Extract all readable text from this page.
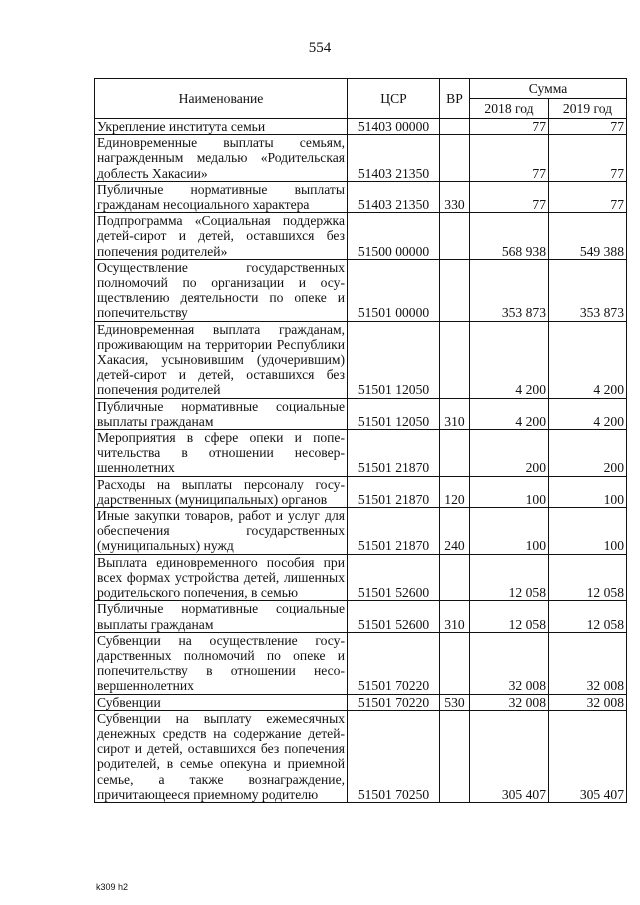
554
Наименование	ЦСР	ВР	Сумма	
			2018 год	2019 год
Укрепление института семьи	51403 00000		77	77
Единовременные выплаты семьям, награжденным медалью «Родительская доблесть Хакасии»	51403 21350		77	77
Публичные нормативные выплаты гражданам несоциального характера	51403 21350	330	77	77
Подпрограмма «Социальная поддержка детей-сирот и детей, оставшихся без попечения родителей»	51500 00000		568 938	549 388
Осуществление государственных полномочий по организации и осуществлению деятельности по опеке и попечительству	51501 00000		353 873	353 873
Единовременная выплата гражданам, проживающим на территории Республики Хакасия, усыновившим (удочерившим) детей-сирот и детей, оставшихся без попечения родителей	51501 12050		4 200	4 200
Публичные нормативные социальные выплаты гражданам	51501 12050	310	4 200	4 200
Мероприятия в сфере опеки и попечительства в отношении несовершеннолетних	51501 21870		200	200
Расходы на выплаты персоналу государственных (муниципальных) органов	51501 21870	120	100	100
Иные закупки товаров, работ и услуг для обеспечения государственных (муниципальных) нужд	51501 21870	240	100	100
Выплата единовременного пособия при всех формах устройства детей, лишенных родительского попечения, в семью	51501 52600		12 058	12 058
Публичные нормативные социальные выплаты гражданам	51501 52600	310	12 058	12 058
Субвенции на осуществление государственных полномочий по опеке и попечительству в отношении несовершеннолетних	51501 70220		32 008	32 008
Субвенции	51501 70220	530	32 008	32 008
Субвенции на выплату ежемесячных денежных средств на содержание детей-сирот и детей, оставшихся без попечения родителей, в семье опекуна и приемной семье, а также вознаграждение, причитающееся приемному родителю	51501 70250		305 407	305 407
k309 h2
